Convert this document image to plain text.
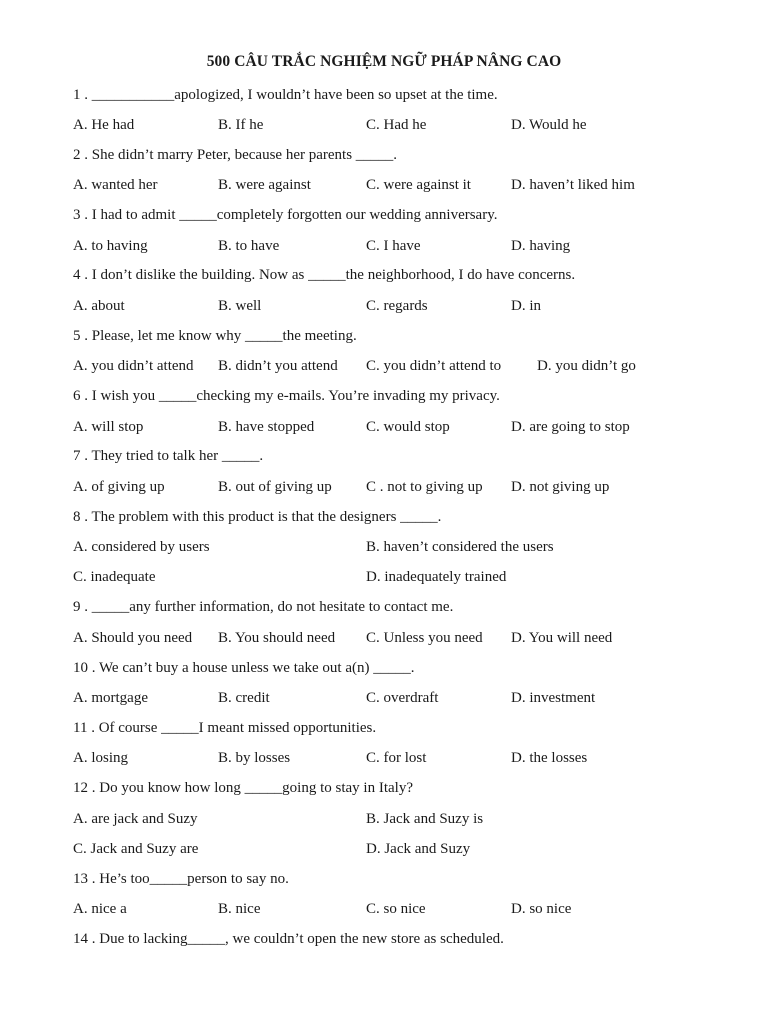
500 CÂU TRẮC NGHIỆM NGỮ PHÁP NÂNG CAO
1 . ___________apologized, I wouldn’t have been so upset at the time.
A. He had	B. If he	C. Had he	D. Would he
2 . She didn’t marry Peter, because her parents _____.
A. wanted her	B. were against	C. were against it	D. haven’t liked him
3 . I had to admit _____completely forgotten our wedding anniversary.
A. to having	B. to have	C. I have	D. having
4 . I don’t dislike the building. Now as _____the neighborhood, I do have concerns.
A. about	B. well	C. regards	D. in
5 . Please, let me know why _____the meeting.
A. you didn’t attend B. didn’t you attend C. you didn’t attend to D. you didn’t go
6 . I wish you _____checking my e-mails. You’re invading my privacy.
A. will stop	B. have stopped	C. would stop	D. are going to stop
7 . They tried to talk her _____.
A. of giving up	B. out of giving up C . not to giving up D. not giving up
8 . The problem with this product is that the designers _____.
A. considered by users	B. haven’t considered the users
C. inadequate	D. inadequately trained
9 . _____any further information, do not hesitate to contact me.
A. Should you need B. You should need C. Unless you need D. You will need
10 . We can’t buy a house unless we take out a(n) _____.
A. mortgage	B. credit	C. overdraft	D. investment
11 . Of course _____I meant missed opportunities.
A. losing	B. by losses	C. for lost	D. the losses
12 . Do you know how long _____going to stay in Italy?
A. are jack and Suzy	B. Jack and Suzy is
C. Jack and Suzy are	D. Jack and Suzy
13 . He’s too_____person to say no.
A. nice a	B. nice	C. so nice	D. so nice
14 . Due to lacking_____, we couldn’t open the new store as scheduled.
